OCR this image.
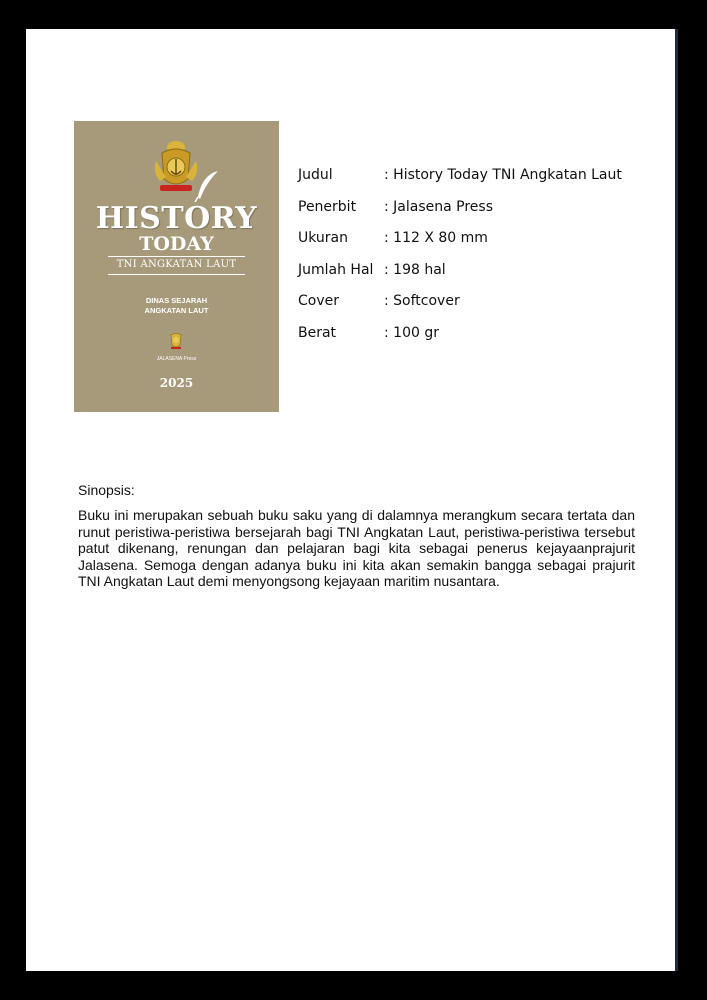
HISTORY
TODAY
TNI ANGKATAN LAUT
DINAS SEJARAH
ANGKATAN LAUT
JALASENA Press
2025
Judul	: History Today TNI Angkatan Laut
Penerbit	: Jalasena Press
Ukuran	: 112 X 80 mm
Jumlah Hal : 198 hal
Cover	: Softcover
Berat	: 100 gr
Sinopsis:
Buku ini merupakan sebuah buku saku yang di dalamnya merangkum secara tertata dan runut peristiwa-peristiwa bersejarah bagi TNI Angkatan Laut, peristiwa-peristiwa tersebut patut dikenang, renungan dan pelajaran bagi kita sebagai penerus kejayaanprajurit Jalasena. Semoga dengan adanya buku ini kita akan semakin bangga sebagai prajurit TNI Angkatan Laut demi menyongsong kejayaan maritim nusantara.
